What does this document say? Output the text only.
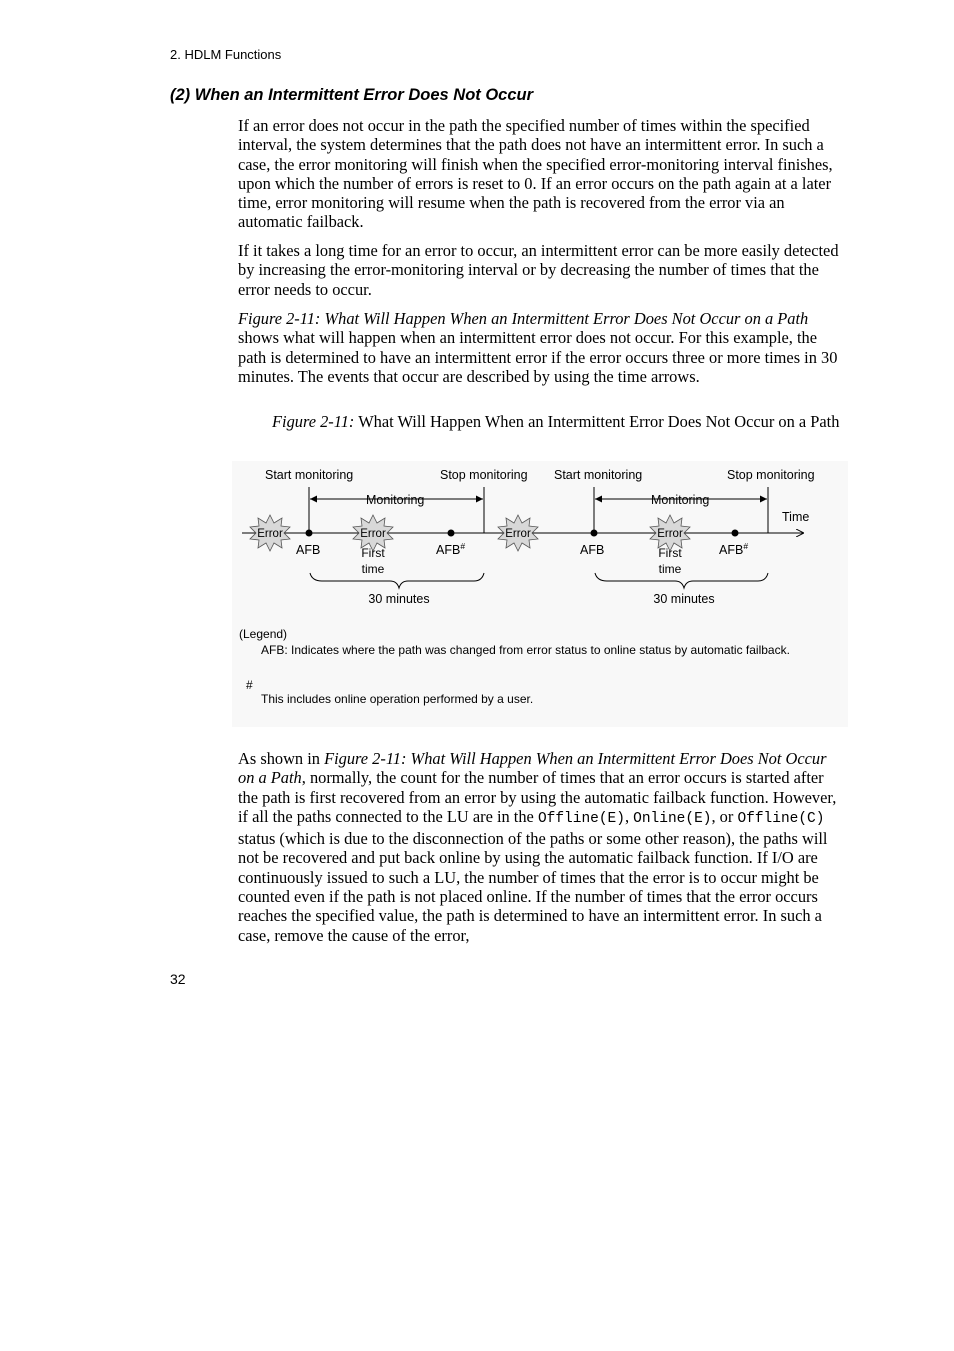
2. HDLM Functions
(2) When an Intermittent Error Does Not Occur

If an error does not occur in the path the specified number of times within the specified interval, the system determines that the path does not have an intermittent error. In such a case, the error monitoring will finish when the specified error-monitoring interval finishes, upon which the number of errors is reset to 0. If an error occurs on the path again at a later time, error monitoring will resume when the path is recovered from the error via an automatic failback.

If it takes a long time for an error to occur, an intermittent error can be more easily detected by increasing the error-monitoring interval or by decreasing the number of times that the error needs to occur.

Figure 2-11: What Will Happen When an Intermittent Error Does Not Occur on a Path shows what will happen when an intermittent error does not occur. For this example, the path is determined to have an intermittent error if the error occurs three or more times in 30 minutes. The events that occur are described by using the time arrows.

Figure 2-11: What Will Happen When an Intermittent Error Does Not Occur on a Path
Start monitoring	Stop monitoring Start monitoring	Stop monitoring
Monitoring	Monitoring
Time
Error	Error	Error	Error
AFB	AFB#	AFB	AFB#
First
time
First
time
30 minutes	30 minutes
(Legend)
AFB: Indicates where the path was changed from error status to online status by automatic failback.
#
This includes online operation performed by a user.

As shown in Figure 2-11: What Will Happen When an Intermittent Error Does Not Occur on a Path, normally, the count for the number of times that an error occurs is started after the path is first recovered from an error by using the automatic failback function. However, if all the paths connected to the LU are in the Offline(E), Online(E), or Offline(C) status (which is due to the disconnection of the paths or some other reason), the paths will not be recovered and put back online by using the automatic failback function. If I/O are continuously issued to such a LU, the number of times that the error is to occur might be counted even if the path is not placed online. If the number of times that the error occurs reaches the specified value, the path is determined to have an intermittent error. In such a case, remove the cause of the error,

32
